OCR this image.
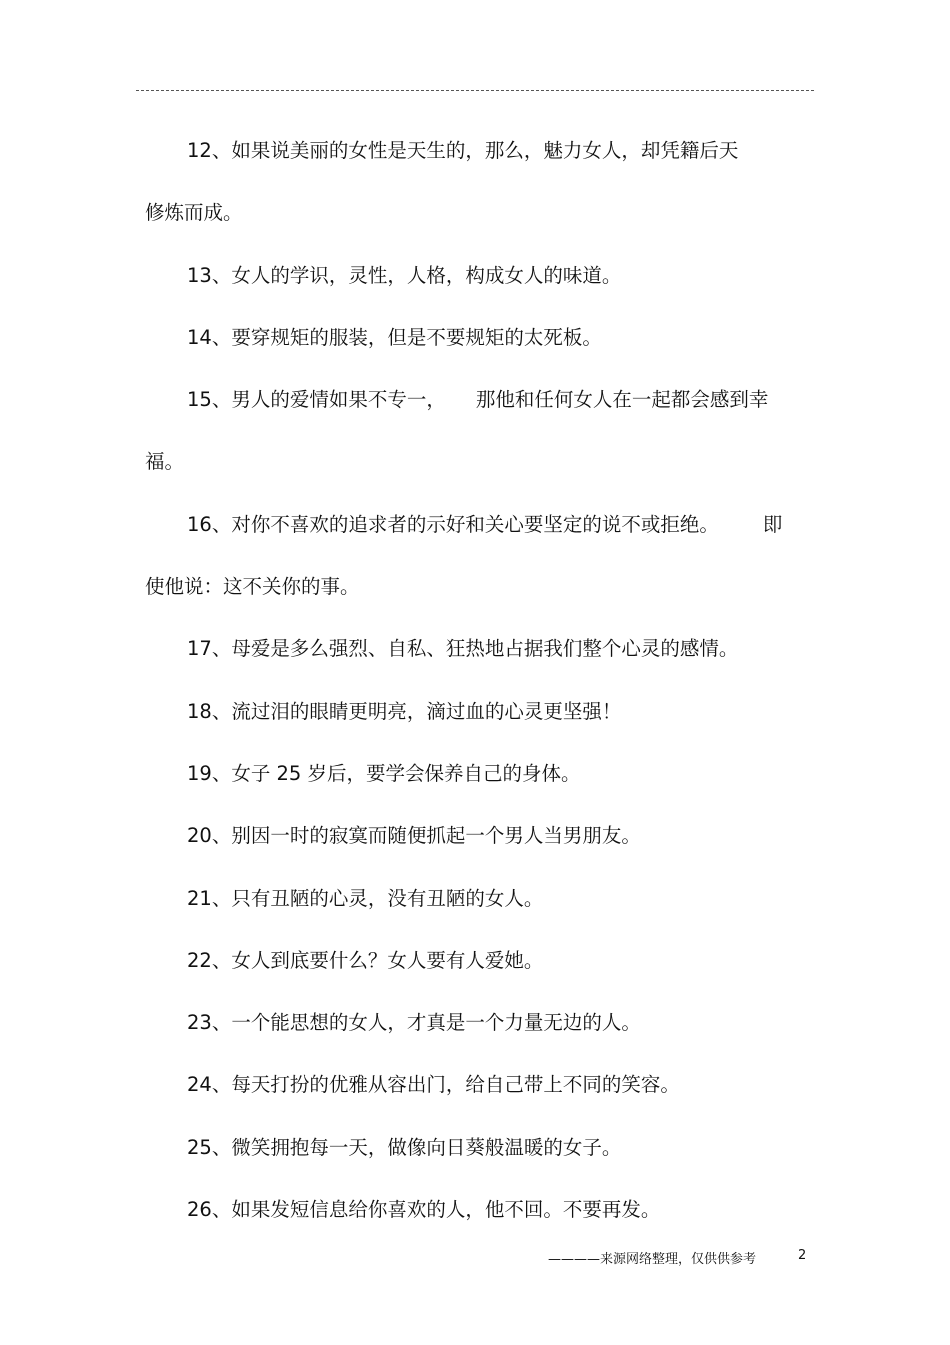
12、如果说美丽的女性是天生的，那么，魅力女人，却凭籍后天
修炼而成。
13、女人的学识，灵性，人格，构成女人的味道。
14、要穿规矩的服装，但是不要规矩的太死板。
15、男人的爱情如果不专一， 那他和任何女人在一起都会感到幸
福。
16、对你不喜欢的追求者的示好和关心要坚定的说不或拒绝。 即
使他说：这不关你的事。
17、母爱是多么强烈、自私、狂热地占据我们整个心灵的感情。
18、流过泪的眼睛更明亮，滴过血的心灵更坚强！
19、女子 25 岁后，要学会保养自己的身体。
20、别因一时的寂寞而随便抓起一个男人当男朋友。
21、只有丑陋的心灵，没有丑陋的女人。
22、女人到底要什么？女人要有人爱她。
23、一个能思想的女人，才真是一个力量无边的人。
24、每天打扮的优雅从容出门，给自己带上不同的笑容。
25、微笑拥抱每一天，做像向日葵般温暖的女子。
26、如果发短信息给你喜欢的人，他不回。不要再发。
————来源网络整理，仅供供参考	2
